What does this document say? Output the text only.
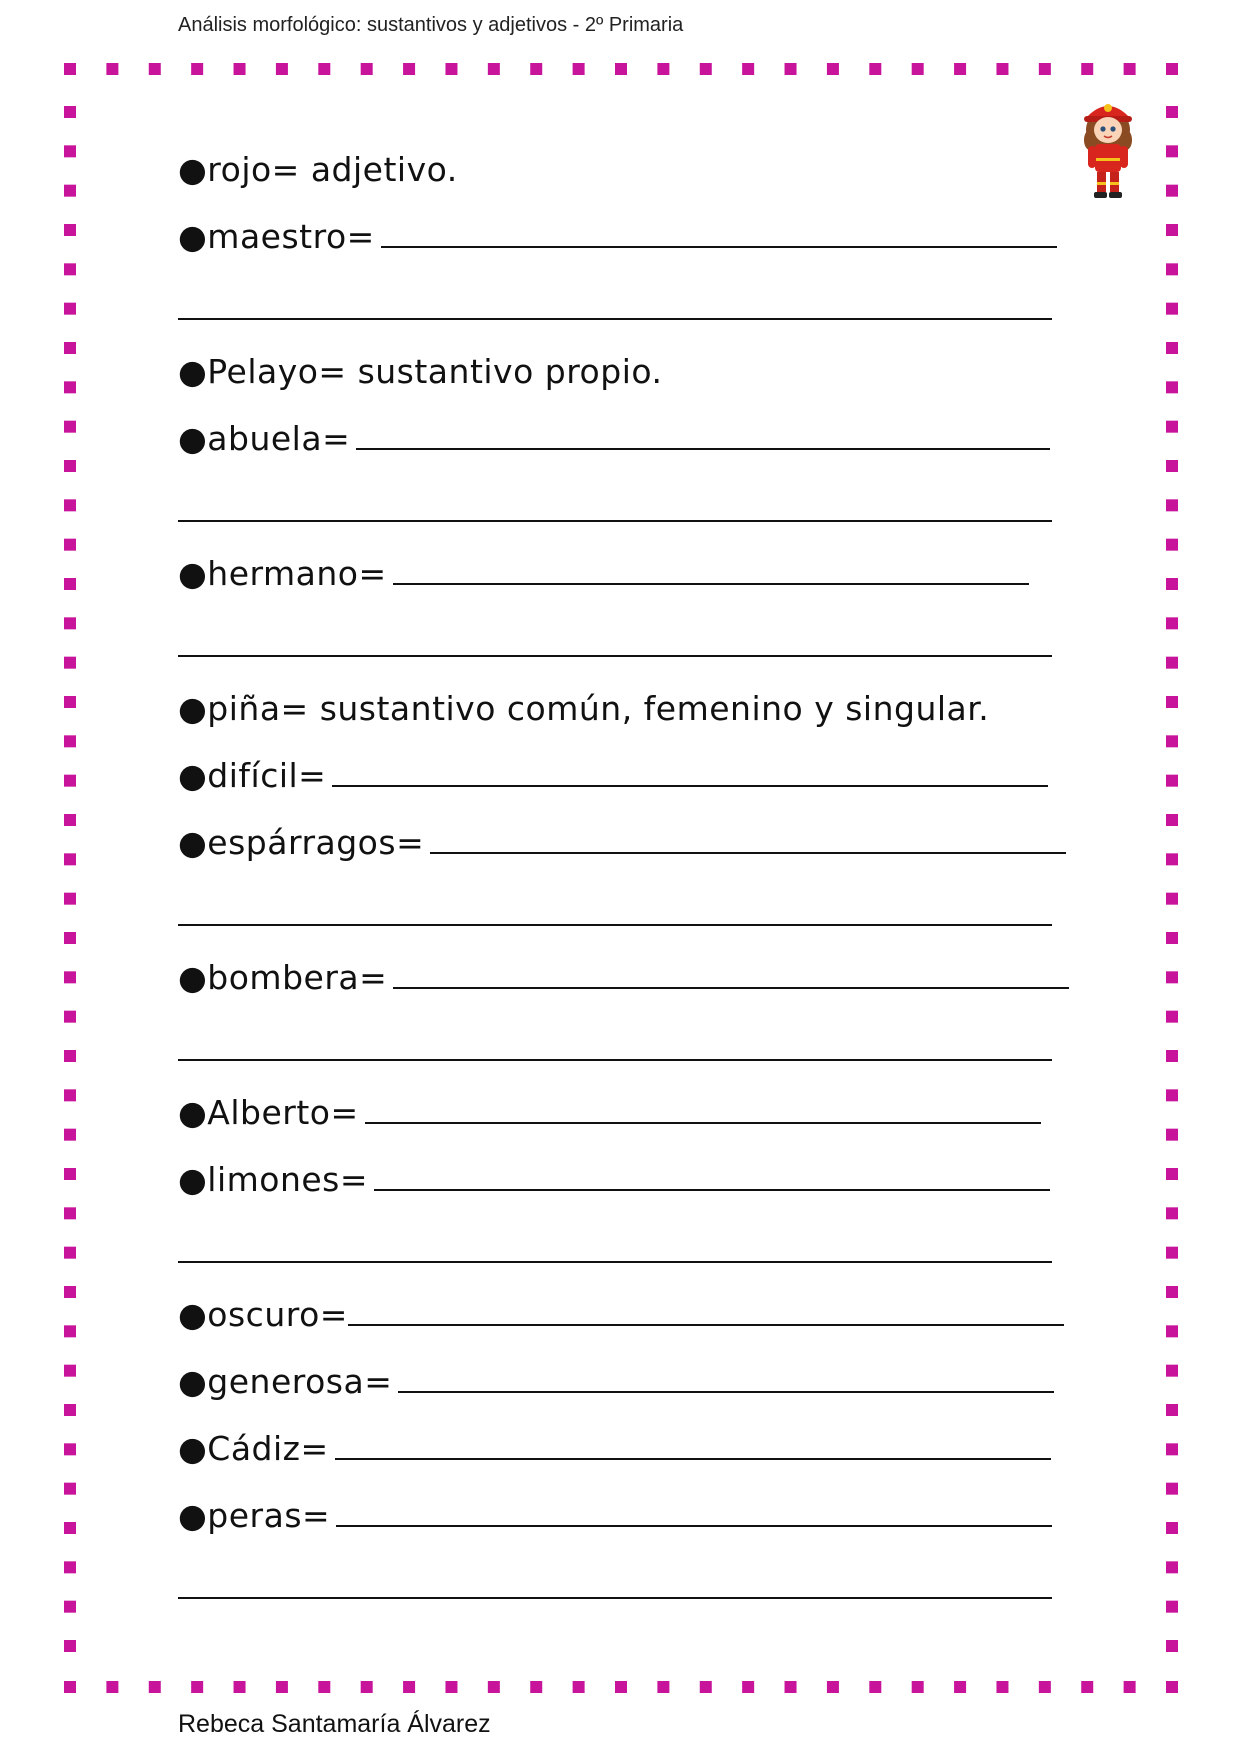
Análisis morfológico: sustantivos y adjetivos - 2º Primaria
●rojo= adjetivo.
●maestro=
●Pelayo= sustantivo propio.
●abuela=
●hermano=
●piña= sustantivo común, femenino y singular.
●difícil=
●espárragos=
●bombera=
●Alberto=
●limones=
●oscuro=
●generosa=
●Cádiz=
●peras=
Rebeca Santamaría Álvarez
